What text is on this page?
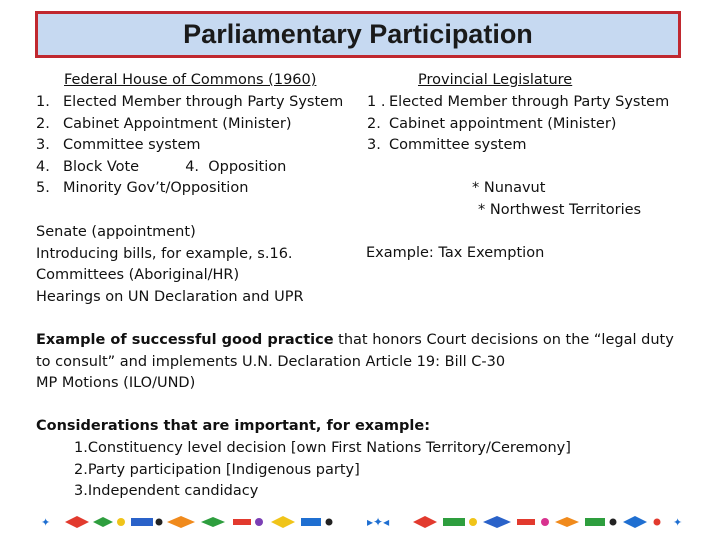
Parliamentary Participation
Federal House of Commons (1960)
1. Elected Member through Party System
2. Cabinet Appointment (Minister)
3. Committee system
4. Block Vote          4.  Opposition
5. Minority Gov’t/Opposition
Provincial Legislature
1 . Elected Member through Party System
2. Cabinet appointment (Minister)
3. Committee system
* Nunavut
* Northwest Territories
Example: Tax Exemption
Senate (appointment)
Introducing bills, for example, s.16.
Committees (Aboriginal/HR)
Hearings on UN Declaration and UPR
Example of successful good practice that honors Court decisions on the “legal duty
to consult” and implements U.N. Declaration Article 19: Bill C-30
MP Motions (ILO/UND)
Considerations that are important, for example:
1.Constituency level decision [own First Nations Territory/Ceremony]
2.Party participation [Indigenous party]
3.Independent candidacy
✦	▸✦◂	✦
